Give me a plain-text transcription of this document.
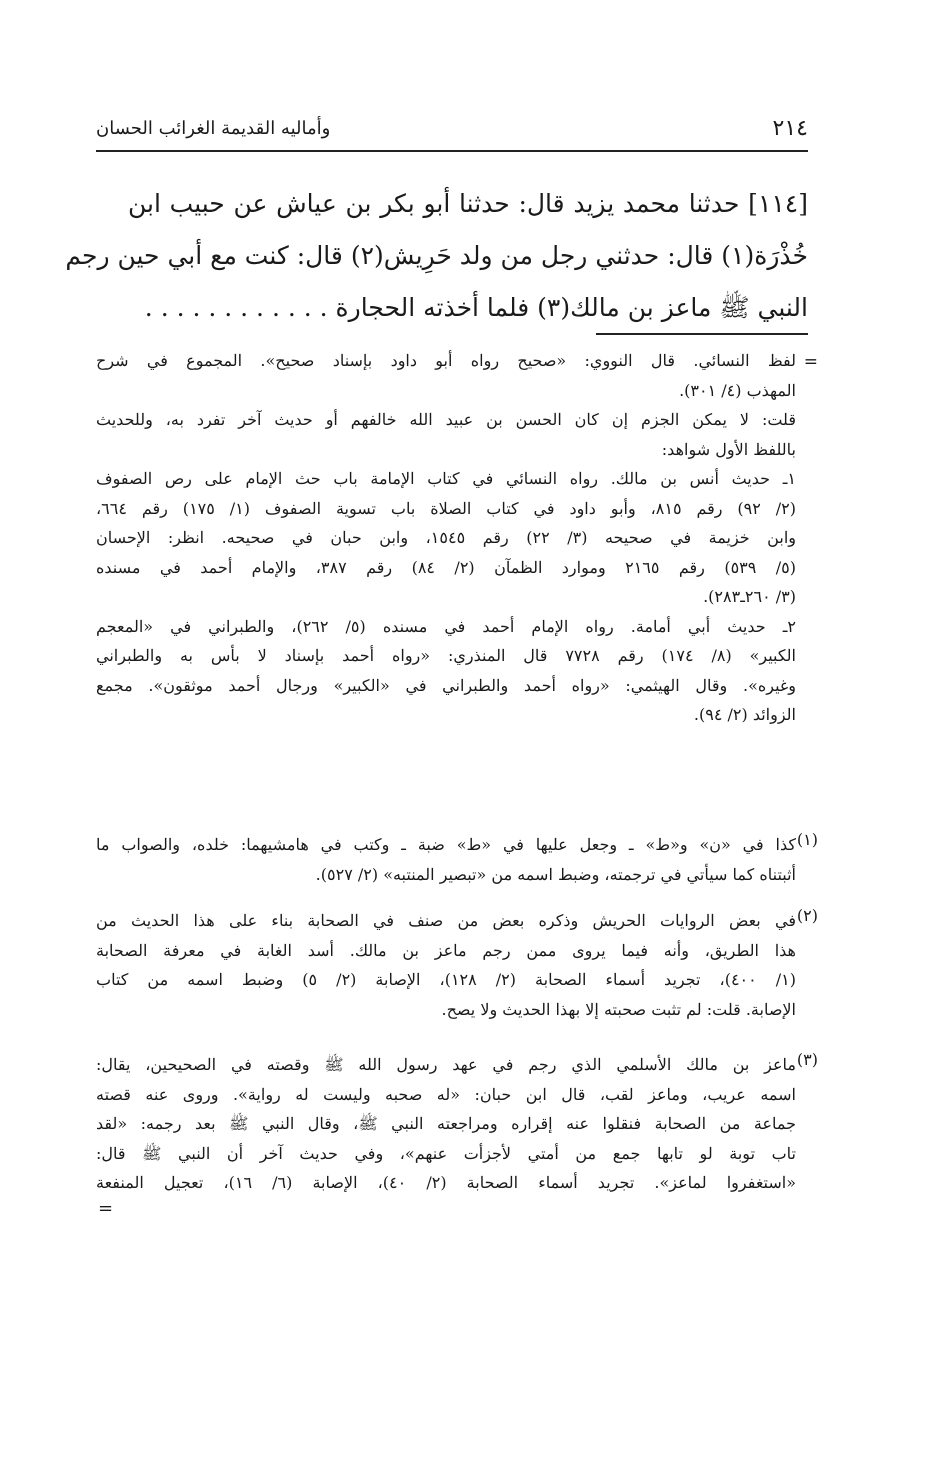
٢١٤
وأماليه القديمة الغرائب الحسان
[١١٤] حدثنا محمد يزيد قال: حدثنا أبو بكر بن عياش عن حبيب ابن
خُذْرَة(١) قال: حدثني رجل من ولد حَرِيش(٢) قال: كنت مع أبي حين رجم
النبي ﷺ ماعز بن مالك(٣) فلما أخذته الحجارة . . . . . . . . . . . .
=
لفظ النسائي. قال النووي: «صحيح رواه أبو داود بإسناد صحيح». المجموع في شرح
المهذب (٤/ ٣٠١).
قلت: لا يمكن الجزم إن كان الحسن بن عبيد الله خالفهم أو حديث آخر تفرد به، وللحديث
باللفظ الأول شواهد:
١ـ حديث أنس بن مالك. رواه النسائي في كتاب الإمامة باب حث الإمام على رص الصفوف
(٢/ ٩٢) رقم ٨١٥، وأبو داود في كتاب الصلاة باب تسوية الصفوف (١/ ١٧٥) رقم ٦٦٤،
وابن خزيمة في صحيحه (٣/ ٢٢) رقم ١٥٤٥، وابن حبان في صحيحه. انظر: الإحسان
(٥/ ٥٣٩) رقم ٢١٦٥ وموارد الظمآن (٢/ ٨٤) رقم ٣٨٧، والإمام أحمد في مسنده
(٣/ ٢٦٠ـ٢٨٣).
٢ـ حديث أبي أمامة. رواه الإمام أحمد في مسنده (٥/ ٢٦٢)، والطبراني في «المعجم
الكبير» (٨/ ١٧٤) رقم ٧٧٢٨ قال المنذري: «رواه أحمد بإسناد لا بأس به والطبراني
وغيره». وقال الهيثمي: «رواه أحمد والطبراني في «الكبير» ورجال أحمد موثقون». مجمع
الزوائد (٢/ ٩٤).
(١)
كذا في «ن» و«ط» ـ وجعل عليها في «ط» ضبة ـ وكتب في هامشيهما: خلده، والصواب ما
أثبتناه كما سيأتي في ترجمته، وضبط اسمه من «تبصير المنتبه» (٢/ ٥٢٧).
(٢)
في بعض الروايات الحريش وذكره بعض من صنف في الصحابة بناء على هذا الحديث من
هذا الطريق، وأنه فيما يروى ممن رجم ماعز بن مالك. أسد الغابة في معرفة الصحابة
(١/ ٤٠٠)، تجريد أسماء الصحابة (٢/ ١٢٨)، الإصابة (٢/ ٥) وضبط اسمه من كتاب
الإصابة. قلت: لم تثبت صحبته إلا بهذا الحديث ولا يصح.
(٣)
ماعز بن مالك الأسلمي الذي رجم في عهد رسول الله ﷺ وقصته في الصحيحين، يقال:
اسمه عريب، وماعز لقب، قال ابن حبان: «له صحبه وليست له رواية». وروى عنه قصته
جماعة من الصحابة فنقلوا عنه إقراره ومراجعته النبي ﷺ، وقال النبي ﷺ بعد رجمه: «لقد
تاب توبة لو تابها جمع من أمتي لأجزأت عنهم»، وفي حديث آخر أن النبي ﷺ قال:
«استغفروا لماعز». تجريد أسماء الصحابة (٢/ ٤٠)، الإصابة (٦/ ١٦)، تعجيل المنفعة
=
